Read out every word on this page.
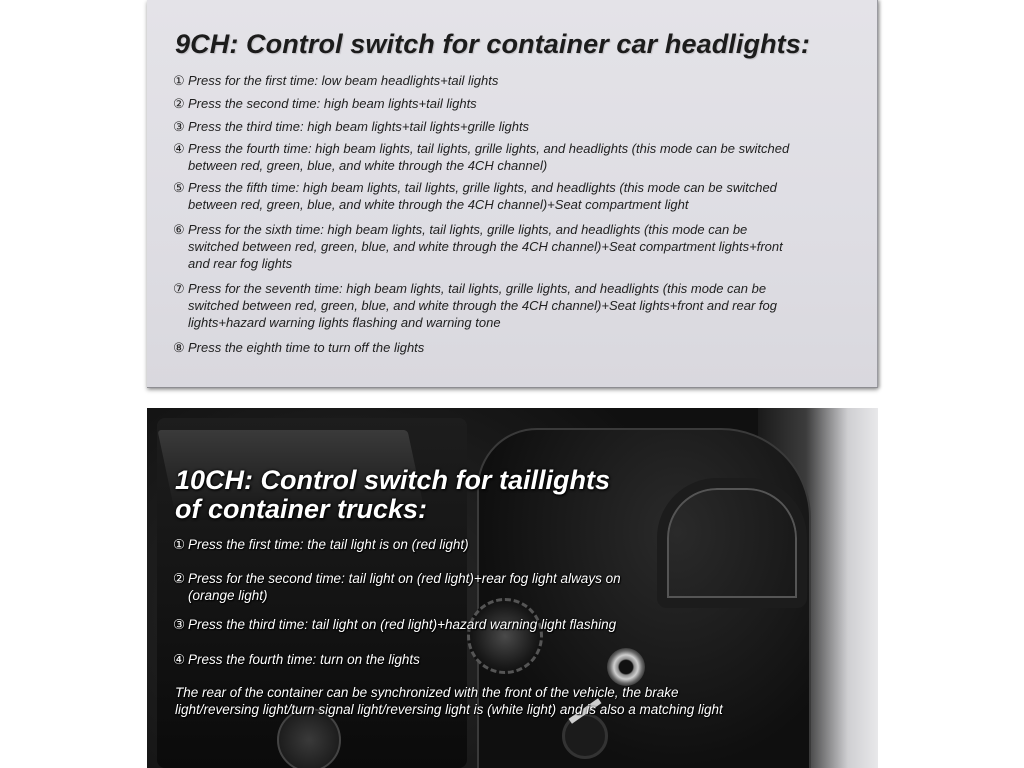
9CH: Control switch for container car headlights:
① Press for the first time: low beam headlights+tail lights
② Press the second time: high beam lights+tail lights
③ Press the third time: high beam lights+tail lights+grille lights
④ Press the fourth time: high beam lights, tail lights, grille lights, and headlights (this mode can be switched
between red, green, blue, and white through the 4CH channel)
⑤ Press the fifth time: high beam lights, tail lights, grille lights, and headlights (this mode can be switched
between red, green, blue, and white through the 4CH channel)+Seat compartment light
⑥ Press for the sixth time: high beam lights, tail lights, grille lights, and headlights (this mode can be
switched between red, green, blue, and white through the 4CH channel)+Seat compartment lights+front
and rear fog lights
⑦ Press for the seventh time: high beam lights, tail lights, grille lights, and headlights (this mode can be
switched between red, green, blue, and white through the 4CH channel)+Seat lights+front and rear fog
lights+hazard warning lights flashing and warning tone
⑧ Press the eighth time to turn off the lights
10CH: Control switch for taillights
of container trucks:
① Press the first time: the tail light is on (red light)
② Press for the second time: tail light on (red light)+rear fog light always on
(orange light)
③ Press the third time: tail light on (red light)+hazard warning light flashing
④ Press the fourth time: turn on the lights
The rear of the container can be synchronized with the front of the vehicle, the brake
light/reversing light/turn signal light/reversing light is (white light) and is also a matching light
